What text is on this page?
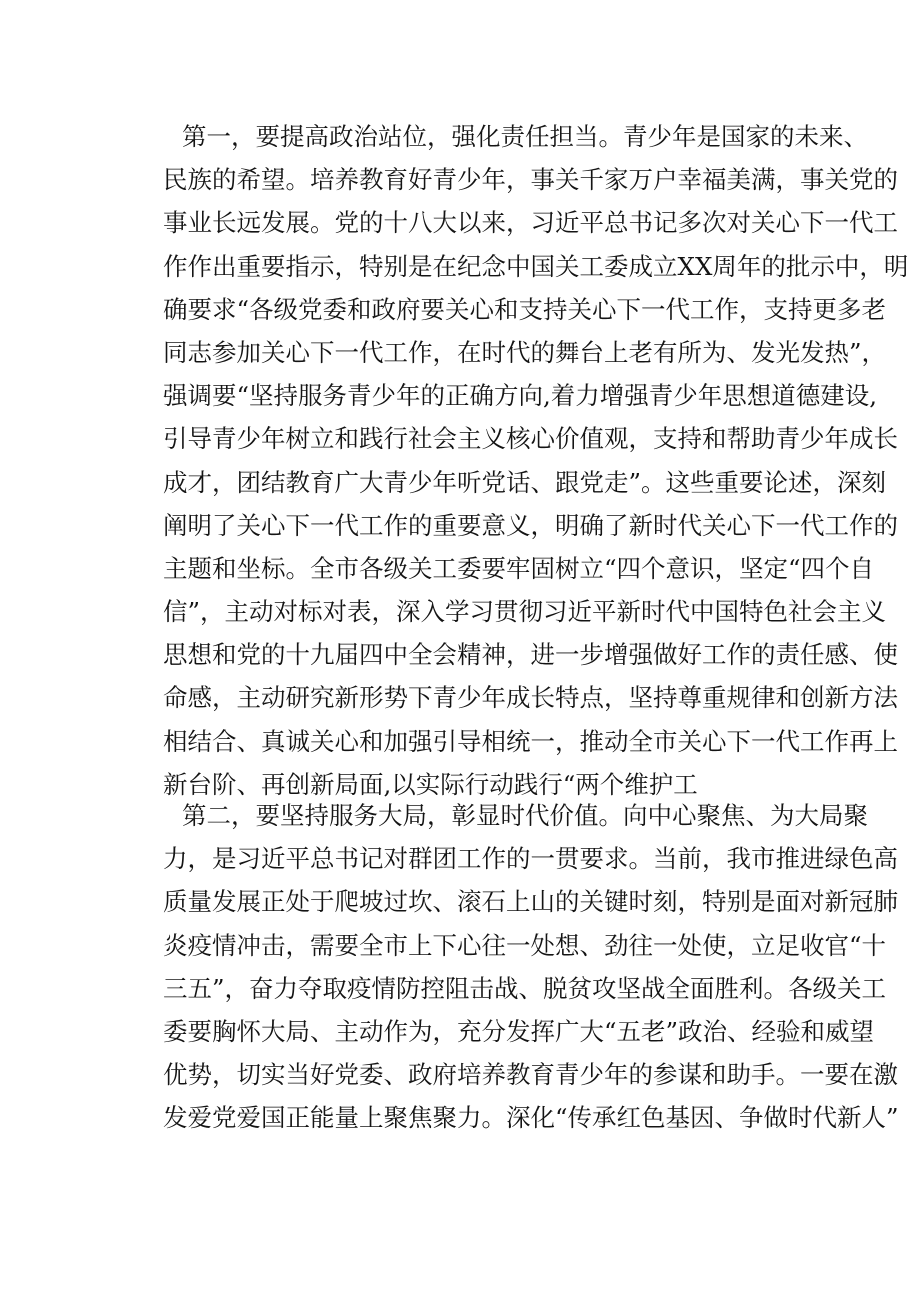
第一，要提高政治站位，强化责任担当。青少年是国家的未来、
民族的希望。培养教育好青少年，事关千家万户幸福美满，事关党的
事业长远发展。党的十八大以来，习近平总书记多次对关心下一代工
作作出重要指示，特别是在纪念中国关工委成立XX周年的批示中，明
确要求“各级党委和政府要关心和支持关心下一代工作，支持更多老
同志参加关心下一代工作，在时代的舞台上老有所为、发光发热”，
强调要“坚持服务青少年的正确方向,着力增强青少年思想道德建设,
引导青少年树立和践行社会主义核心价值观，支持和帮助青少年成长
成才，团结教育广大青少年听党话、跟党走”。这些重要论述，深刻
阐明了关心下一代工作的重要意义，明确了新时代关心下一代工作的
主题和坐标。全市各级关工委要牢固树立“四个意识，坚定“四个自
信”，主动对标对表，深入学习贯彻习近平新时代中国特色社会主义
思想和党的十九届四中全会精神，进一步增强做好工作的责任感、使
命感，主动研究新形势下青少年成长特点，坚持尊重规律和创新方法
相结合、真诚关心和加强引导相统一，推动全市关心下一代工作再上
新台阶、再创新局面,以实际行动践行“两个维护工
第二，要坚持服务大局，彰显时代价值。向中心聚焦、为大局聚
力，是习近平总书记对群团工作的一贯要求。当前，我市推进绿色高
质量发展正处于爬坡过坎、滚石上山的关键时刻，特别是面对新冠肺
炎疫情冲击，需要全市上下心往一处想、劲往一处使，立足收官“十
三五”，奋力夺取疫情防控阻击战、脱贫攻坚战全面胜利。各级关工
委要胸怀大局、主动作为，充分发挥广大“五老”政治、经验和威望
优势，切实当好党委、政府培养教育青少年的参谋和助手。一要在激
发爱党爱国正能量上聚焦聚力。深化“传承红色基因、争做时代新人”
